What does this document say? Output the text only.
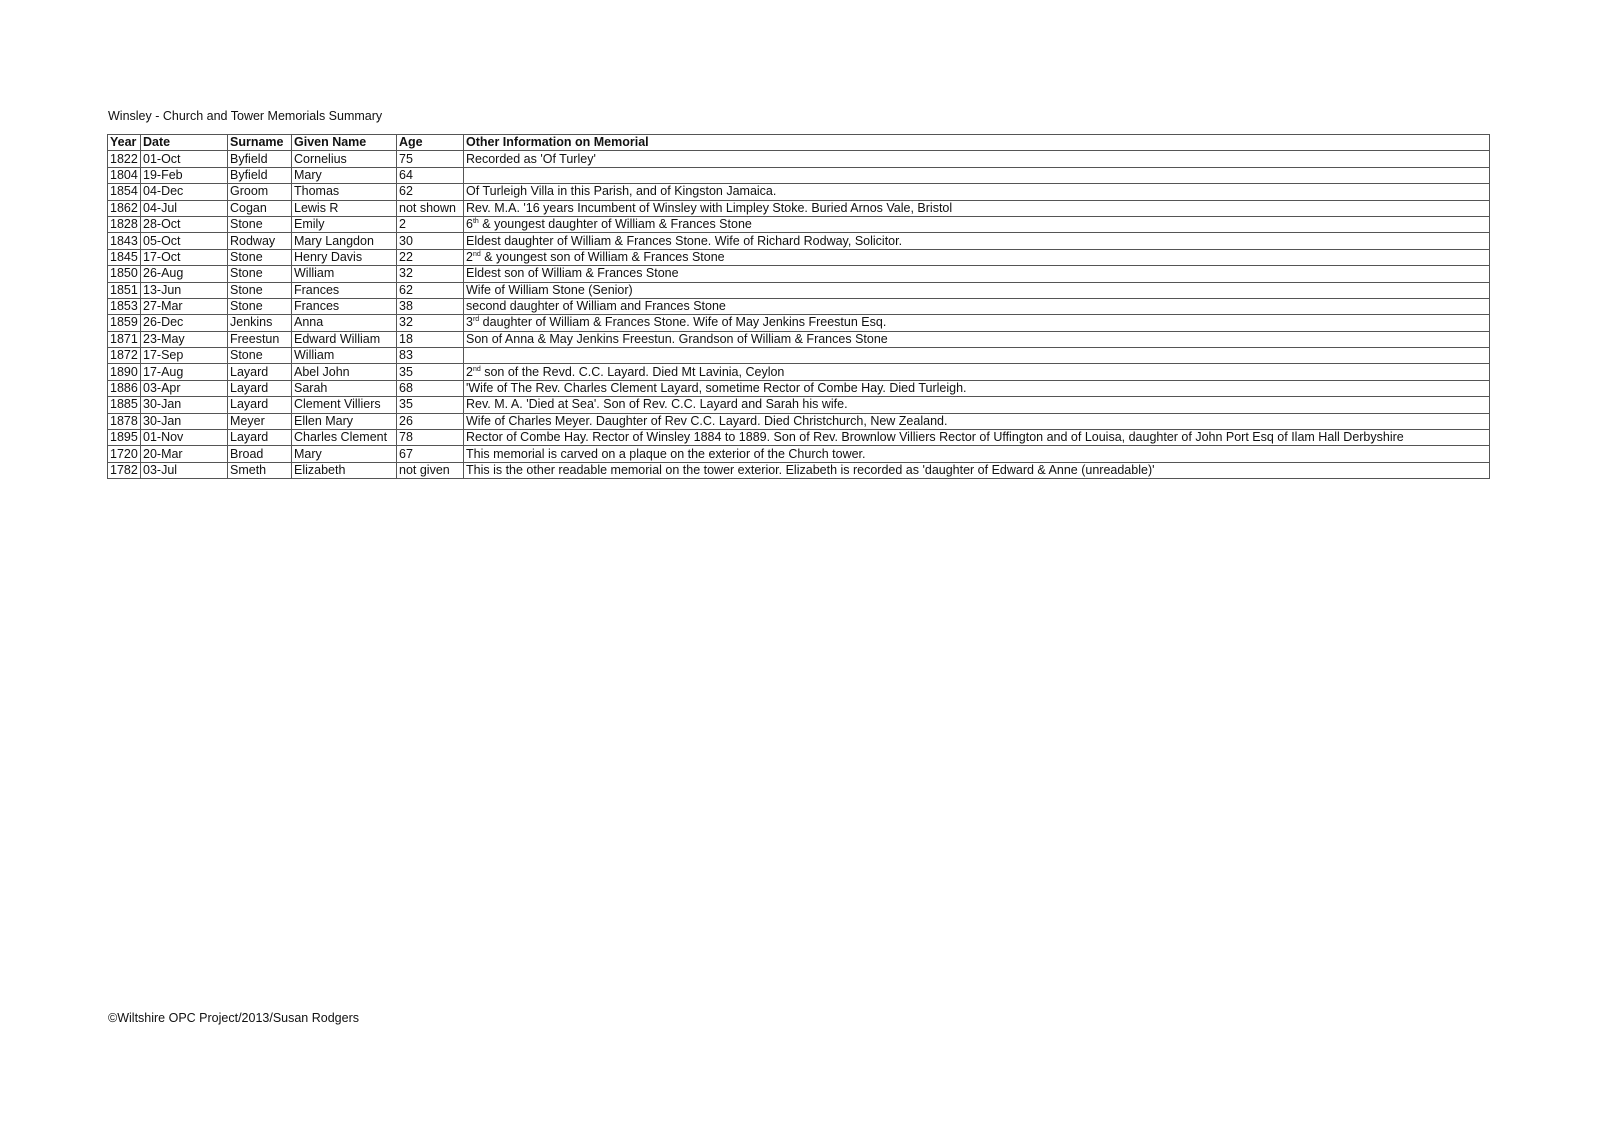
Winsley - Church and Tower Memorials Summary
Year	Date	Surname	Given Name	Age	Other Information on Memorial
1822	01-Oct	Byfield	Cornelius	75	Recorded as 'Of Turley'
1804	19-Feb	Byfield	Mary	64	
1854	04-Dec	Groom	Thomas	62	Of Turleigh Villa in this Parish, and of Kingston Jamaica.
1862	04-Jul	Cogan	Lewis R	not shown	Rev. M.A. '16 years Incumbent of Winsley with Limpley Stoke. Buried Arnos Vale, Bristol
1828	28-Oct	Stone	Emily	2	6th & youngest daughter of William & Frances Stone
1843	05-Oct	Rodway	Mary Langdon	30	Eldest daughter of William & Frances Stone. Wife of Richard Rodway, Solicitor.
1845	17-Oct	Stone	Henry Davis	22	2nd & youngest son of William & Frances Stone
1850	26-Aug	Stone	William	32	Eldest son of William & Frances Stone
1851	13-Jun	Stone	Frances	62	Wife of William Stone (Senior)
1853	27-Mar	Stone	Frances	38	second daughter of William and Frances Stone
1859	26-Dec	Jenkins	Anna	32	3rd daughter of William & Frances Stone. Wife of May Jenkins Freestun Esq.
1871	23-May	Freestun	Edward William	18	Son of Anna & May Jenkins Freestun. Grandson of William & Frances Stone
1872	17-Sep	Stone	William	83	
1890	17-Aug	Layard	Abel John	35	2nd son of the Revd. C.C. Layard. Died Mt Lavinia, Ceylon
1886	03-Apr	Layard	Sarah	68	'Wife of The Rev. Charles Clement Layard, sometime Rector of Combe Hay. Died Turleigh.
1885	30-Jan	Layard	Clement Villiers	35	Rev. M. A. 'Died at Sea'. Son of Rev. C.C. Layard and Sarah his wife.
1878	30-Jan	Meyer	Ellen Mary	26	Wife of Charles Meyer. Daughter of Rev C.C. Layard. Died Christchurch, New Zealand.
1895	01-Nov	Layard	Charles Clement	78	Rector of Combe Hay. Rector of Winsley 1884 to 1889. Son of Rev. Brownlow Villiers Rector of Uffington and of Louisa, daughter of John Port Esq of Ilam Hall Derbyshire
1720	20-Mar	Broad	Mary	67	This memorial is carved on a plaque on the exterior of the Church tower.
1782	03-Jul	Smeth	Elizabeth	not given	This is the other readable memorial on the tower exterior. Elizabeth is recorded as 'daughter of Edward & Anne (unreadable)'
©Wiltshire OPC Project/2013/Susan Rodgers
